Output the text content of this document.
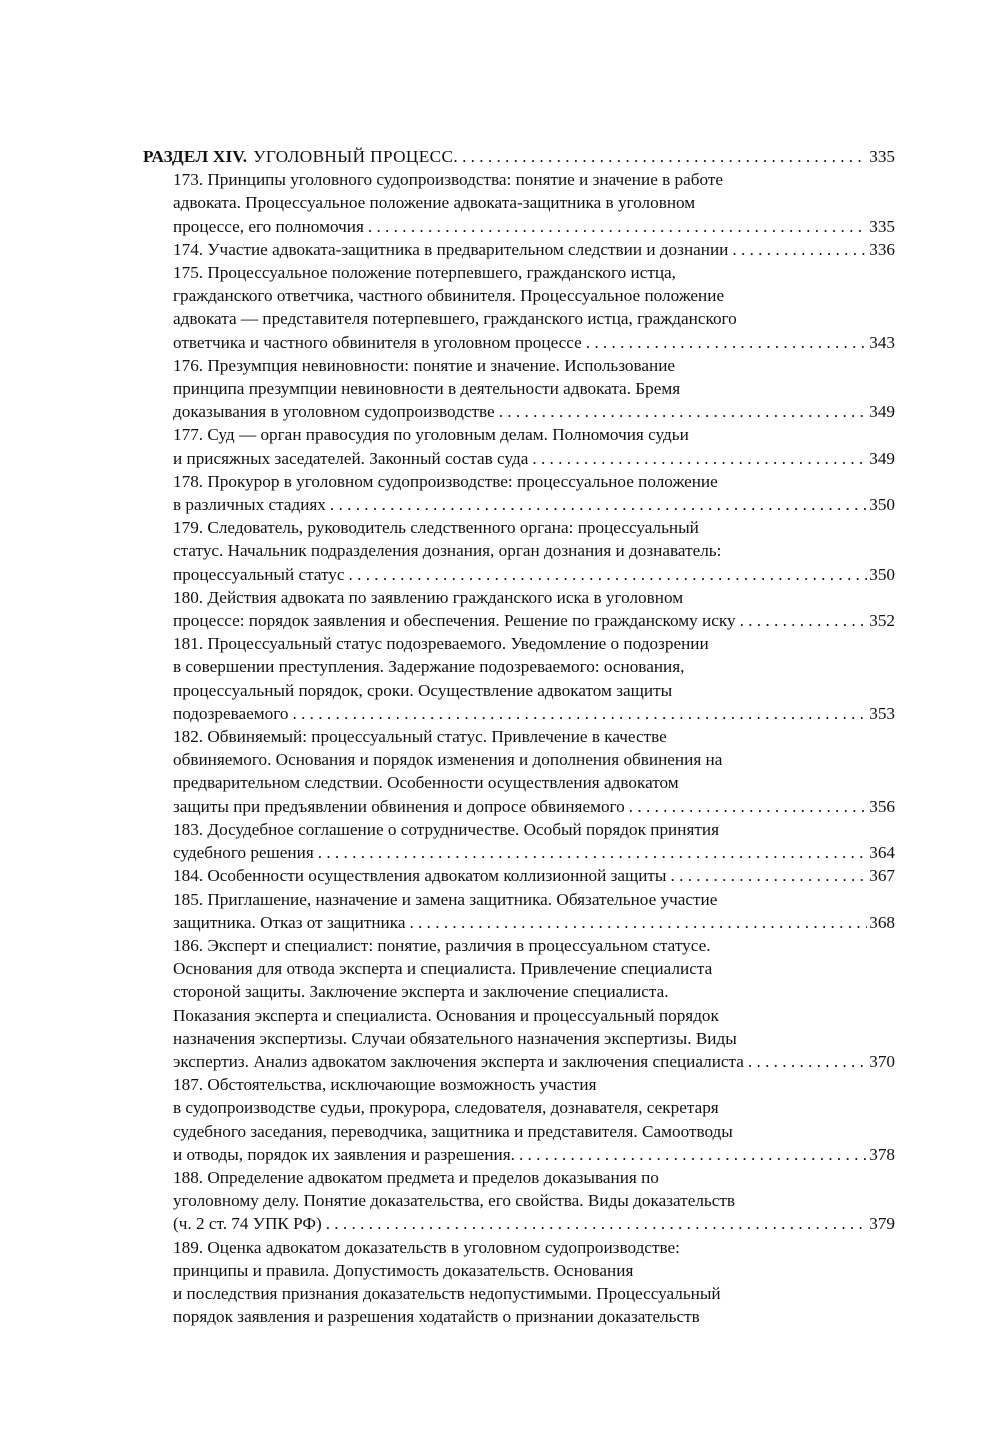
РАЗДЕЛ XIV. УГОЛОВНЫЙ ПРОЦЕСС. . . .	335
173. Принципы уголовного судопроизводства: понятие и значение в работе
адвоката. Процессуальное положение адвоката-защитника в уголовном
процессе, его полномочия . . .	335
174. Участие адвоката-защитника в предварительном следствии и дознании . . .	336
175. Процессуальное положение потерпевшего, гражданского истца,
гражданского ответчика, частного обвинителя. Процессуальное положение
адвоката — представителя потерпевшего, гражданского истца, гражданского
ответчика и частного обвинителя в уголовном процессе . . .	343
176. Презумпция невиновности: понятие и значение. Использование
принципа презумпции невиновности в деятельности адвоката. Бремя
доказывания в уголовном судопроизводстве . . .	349
177. Суд — орган правосудия по уголовным делам. Полномочия судьи
и присяжных заседателей. Законный состав суда . . .	349
178. Прокурор в уголовном судопроизводстве: процессуальное положение
в различных стадиях . . .	350
179. Следователь, руководитель следственного органа: процессуальный
статус. Начальник подразделения дознания, орган дознания и дознаватель:
процессуальный статус . . .	350
180. Действия адвоката по заявлению гражданского иска в уголовном
процессе: порядок заявления и обеспечения. Решение по гражданскому иску . . .	352
181. Процессуальный статус подозреваемого. Уведомление о подозрении
в совершении преступления. Задержание подозреваемого: основания,
процессуальный порядок, сроки. Осуществление адвокатом защиты
подозреваемого . . .	353
182. Обвиняемый: процессуальный статус. Привлечение в качестве
обвиняемого. Основания и порядок изменения и дополнения обвинения на
предварительном следствии. Особенности осуществления адвокатом
защиты при предъявлении обвинения и допросе обвиняемого . . .	356
183. Досудебное соглашение о сотрудничестве. Особый порядок принятия
судебного решения . . .	364
184. Особенности осуществления адвокатом коллизионной защиты . . .	367
185. Приглашение, назначение и замена защитника. Обязательное участие
защитника. Отказ от защитника . . .	368
186. Эксперт и специалист: понятие, различия в процессуальном статусе.
Основания для отвода эксперта и специалиста. Привлечение специалиста
стороной защиты. Заключение эксперта и заключение специалиста.
Показания эксперта и специалиста. Основания и процессуальный порядок
назначения экспертизы. Случаи обязательного назначения экспертизы. Виды
экспертиз. Анализ адвокатом заключения эксперта и заключения специалиста . . .	370
187. Обстоятельства, исключающие возможность участия
в судопроизводстве судьи, прокурора, следователя, дознавателя, секретаря
судебного заседания, переводчика, защитника и представителя. Самоотводы
и отводы, порядок их заявления и разрешения. . . .	378
188. Определение адвокатом предмета и пределов доказывания по
уголовному делу. Понятие доказательства, его свойства. Виды доказательств
(ч. 2 ст. 74 УПК РФ) . . .	379
189. Оценка адвокатом доказательств в уголовном судопроизводстве:
принципы и правила. Допустимость доказательств. Основания
и последствия признания доказательств недопустимыми. Процессуальный
порядок заявления и разрешения ходатайств о признании доказательств
